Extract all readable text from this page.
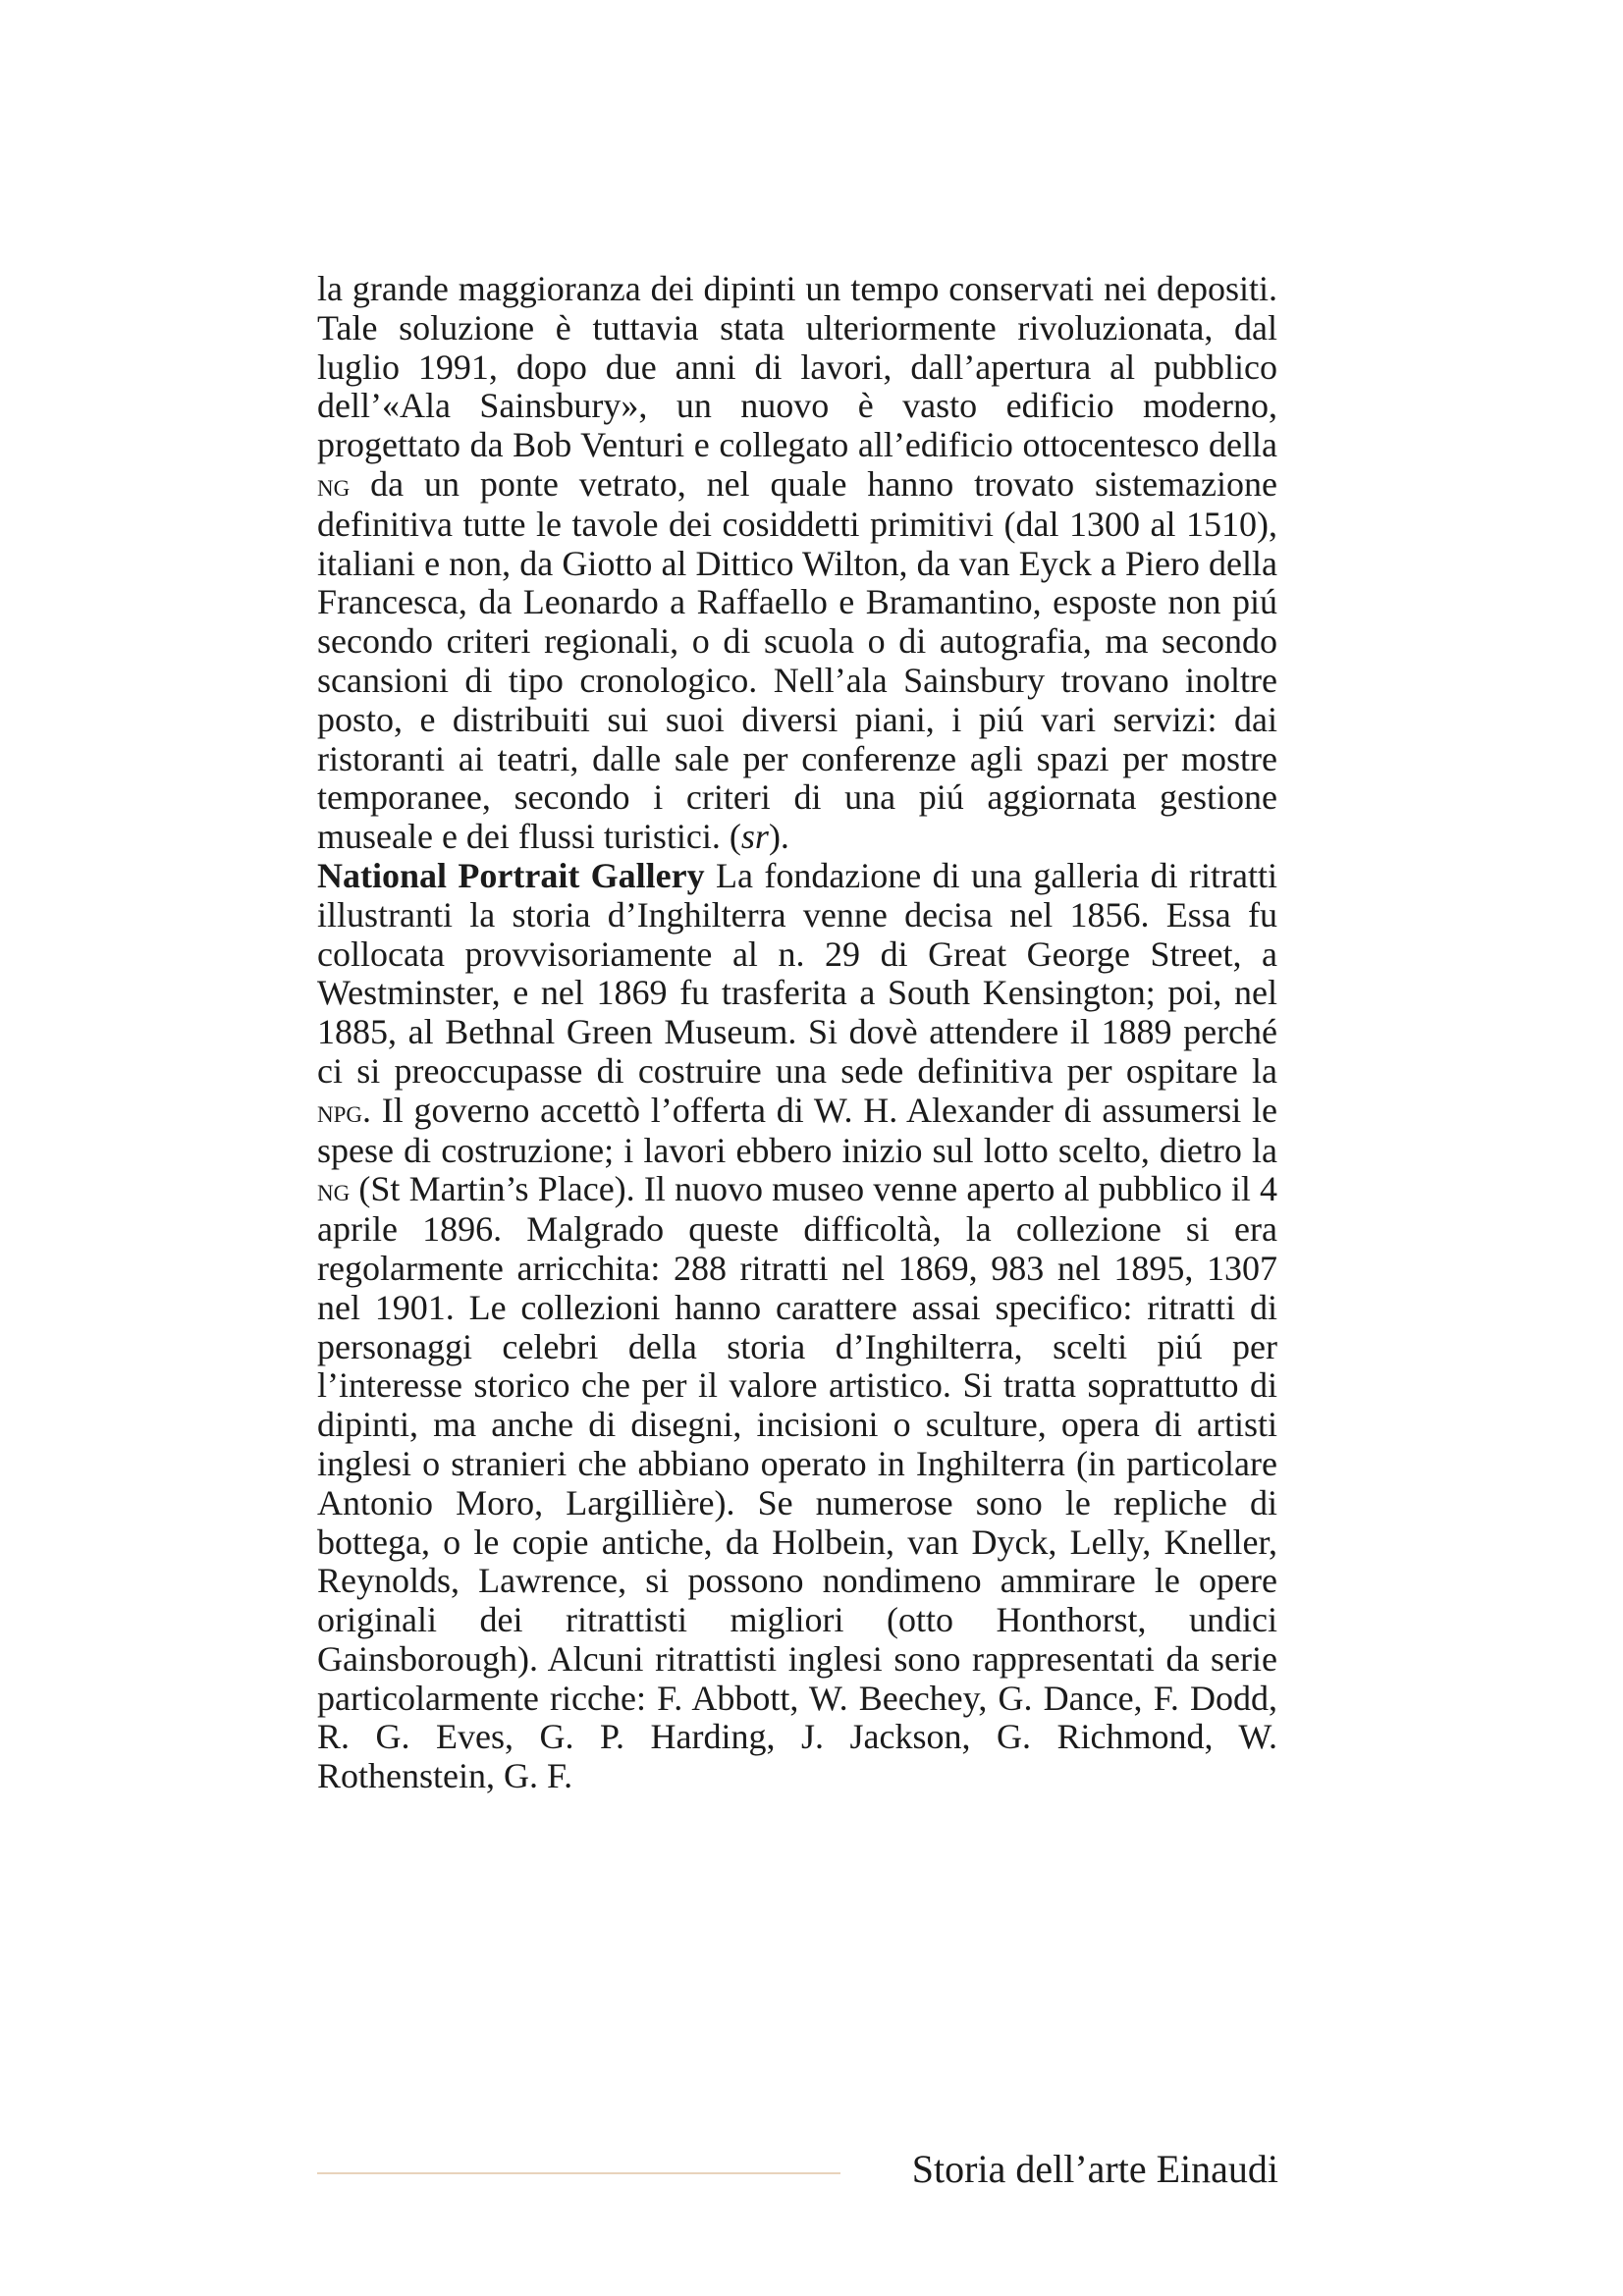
la grande maggioranza dei dipinti un tempo conservati nei depositi. Tale soluzione è tuttavia stata ulteriormente rivoluzionata, dal luglio 1991, dopo due anni di lavori, dall’apertura al pubblico dell’«Ala Sainsbury», un nuovo è vasto edificio moderno, progettato da Bob Venturi e collegato all’edificio ottocentesco della ng da un ponte vetrato, nel quale hanno trovato sistemazione definitiva tutte le tavole dei cosiddetti primitivi (dal 1300 al 1510), italiani e non, da Giotto al Dittico Wilton, da van Eyck a Piero della Francesca, da Leonardo a Raffaello e Bramantino, esposte non piú secondo criteri regionali, o di scuola o di autografia, ma secondo scansioni di tipo cronologico. Nell’ala Sainsbury trovano inoltre posto, e distribuiti sui suoi diversi piani, i piú vari servizi: dai ristoranti ai teatri, dalle sale per conferenze agli spazi per mostre temporanee, secondo i criteri di una piú aggiornata gestione museale e dei flussi turistici. (sr).

National Portrait Gallery La fondazione di una galleria di ritratti illustranti la storia d’Inghilterra venne decisa nel 1856. Essa fu collocata provvisoriamente al n. 29 di Great George Street, a Westminster, e nel 1869 fu trasferita a South Kensington; poi, nel 1885, al Bethnal Green Museum. Si dovè attendere il 1889 perché ci si preoccupasse di costruire una sede definitiva per ospitare la npg. Il governo accettò l’offerta di W. H. Alexander di assumersi le spese di costruzione; i lavori ebbero inizio sul lotto scelto, dietro la ng (St Martin’s Place). Il nuovo museo venne aperto al pubblico il 4 aprile 1896. Malgrado queste difficoltà, la collezione si era regolarmente arricchita: 288 ritratti nel 1869, 983 nel 1895, 1307 nel 1901. Le collezioni hanno carattere assai specifico: ritratti di personaggi celebri della storia d’Inghilterra, scelti piú per l’interesse storico che per il valore artistico. Si tratta soprattutto di dipinti, ma anche di disegni, incisioni o sculture, opera di artisti inglesi o stranieri che abbiano operato in Inghilterra (in particolare Antonio Moro, Largillière). Se numerose sono le repliche di bottega, o le copie antiche, da Holbein, van Dyck, Lelly, Kneller, Reynolds, Lawrence, si possono nondimeno ammirare le opere originali dei ritrattisti migliori (otto Honthorst, undici Gainsborough). Alcuni ritrattisti inglesi sono rappresentati da serie particolarmente ricche: F. Abbott, W. Beechey, G. Dance, F. Dodd, R. G. Eves, G. P. Harding, J. Jackson, G. Richmond, W. Rothenstein, G. F.

Storia dell’arte Einaudi
